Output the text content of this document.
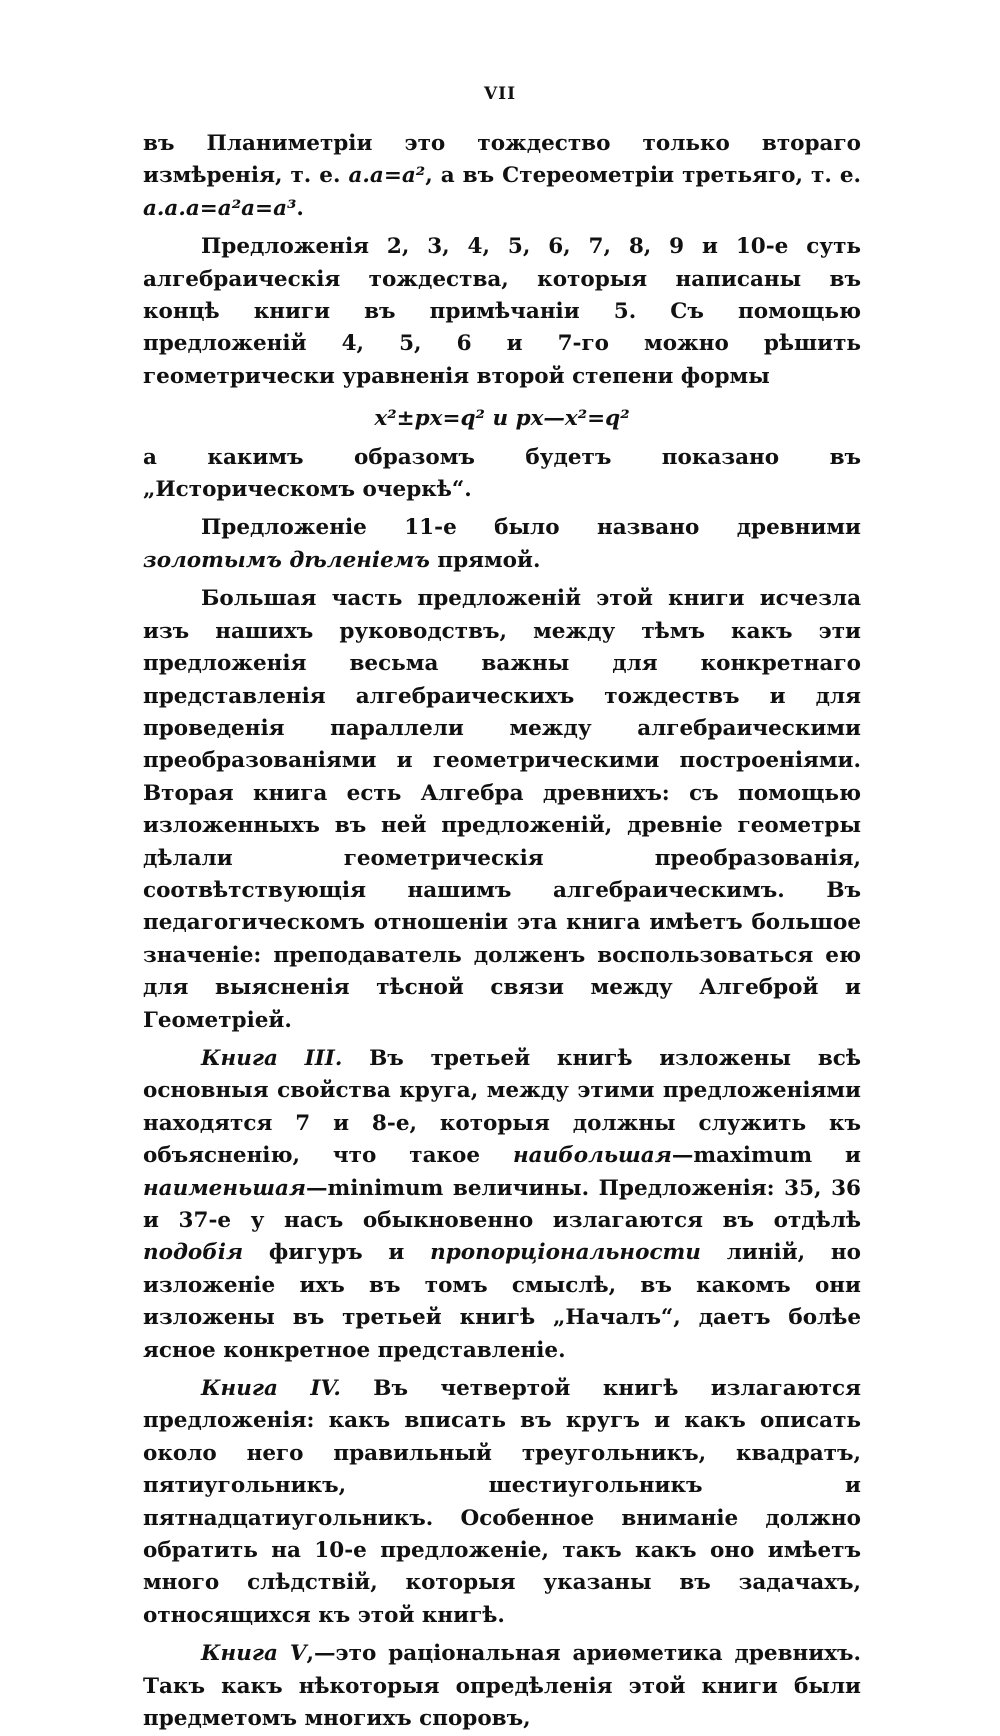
VII

въ Планиметріи это тождество только втораго измѣренія, т. е. a.a=a², а въ Стереометріи третьяго, т. е. a.a.a=a²a=a³.

Предложенія 2, 3, 4, 5, 6, 7, 8, 9 и 10-е суть алгебраическія тождества, которыя написаны въ концѣ книги въ примѣчаніи 5. Съ помощью предложеній 4, 5, 6 и 7-го можно рѣшить геометрически уравненія второй степени формы

x²±px=q² и px—x²=q²

а какимъ образомъ будетъ показано въ „Историческомъ очеркѣ“.

Предложеніе 11-е было названо древними золотымъ дѣленіемъ прямой.

Большая часть предложеній этой книги исчезла изъ нашихъ руководствъ, между тѣмъ какъ эти предложенія весьма важны для конкретнаго представленія алгебраическихъ тождествъ и для проведенія параллели между алгебраическими преобразованіями и геометрическими построеніями. Вторая книга есть Алгебра древнихъ: съ помощью изложенныхъ въ ней предложеній, древніе геометры дѣлали геометрическія преобразованія, соотвѣтствующія нашимъ алгебраическимъ. Въ педагогическомъ отношеніи эта книга имѣетъ большое значеніе: преподаватель долженъ воспользоваться ею для выясненія тѣсной связи между Алгеброй и Геометріей.

Книга III. Въ третьей книгѣ изложены всѣ основныя свойства круга, между этими предложеніями находятся 7 и 8-е, которыя должны служить къ объясненію, что такое наибольшая—maximum и наименьшая—minimum величины. Предложенія: 35, 36 и 37-е у насъ обыкновенно излагаются въ отдѣлѣ подобія фигуръ и пропорціональности линій, но изложеніе ихъ въ томъ смыслѣ, въ какомъ они изложены въ третьей книгѣ „Началъ“, даетъ болѣе ясное конкретное представленіе.

Книга IV. Въ четвертой книгѣ излагаются предложенія: какъ вписать въ кругъ и какъ описать около него правильный треугольникъ, квадратъ, пятиугольникъ, шестиугольникъ и пятнадцатиугольникъ. Особенное вниманіе должно обратить на 10-е предложеніе, такъ какъ оно имѣетъ много слѣдствій, которыя указаны въ задачахъ, относящихся къ этой книгѣ.

Книга V,—это раціональная ариѳметика древнихъ. Такъ какъ нѣкоторыя опредѣленія этой книги были предметомъ многихъ споровъ,
